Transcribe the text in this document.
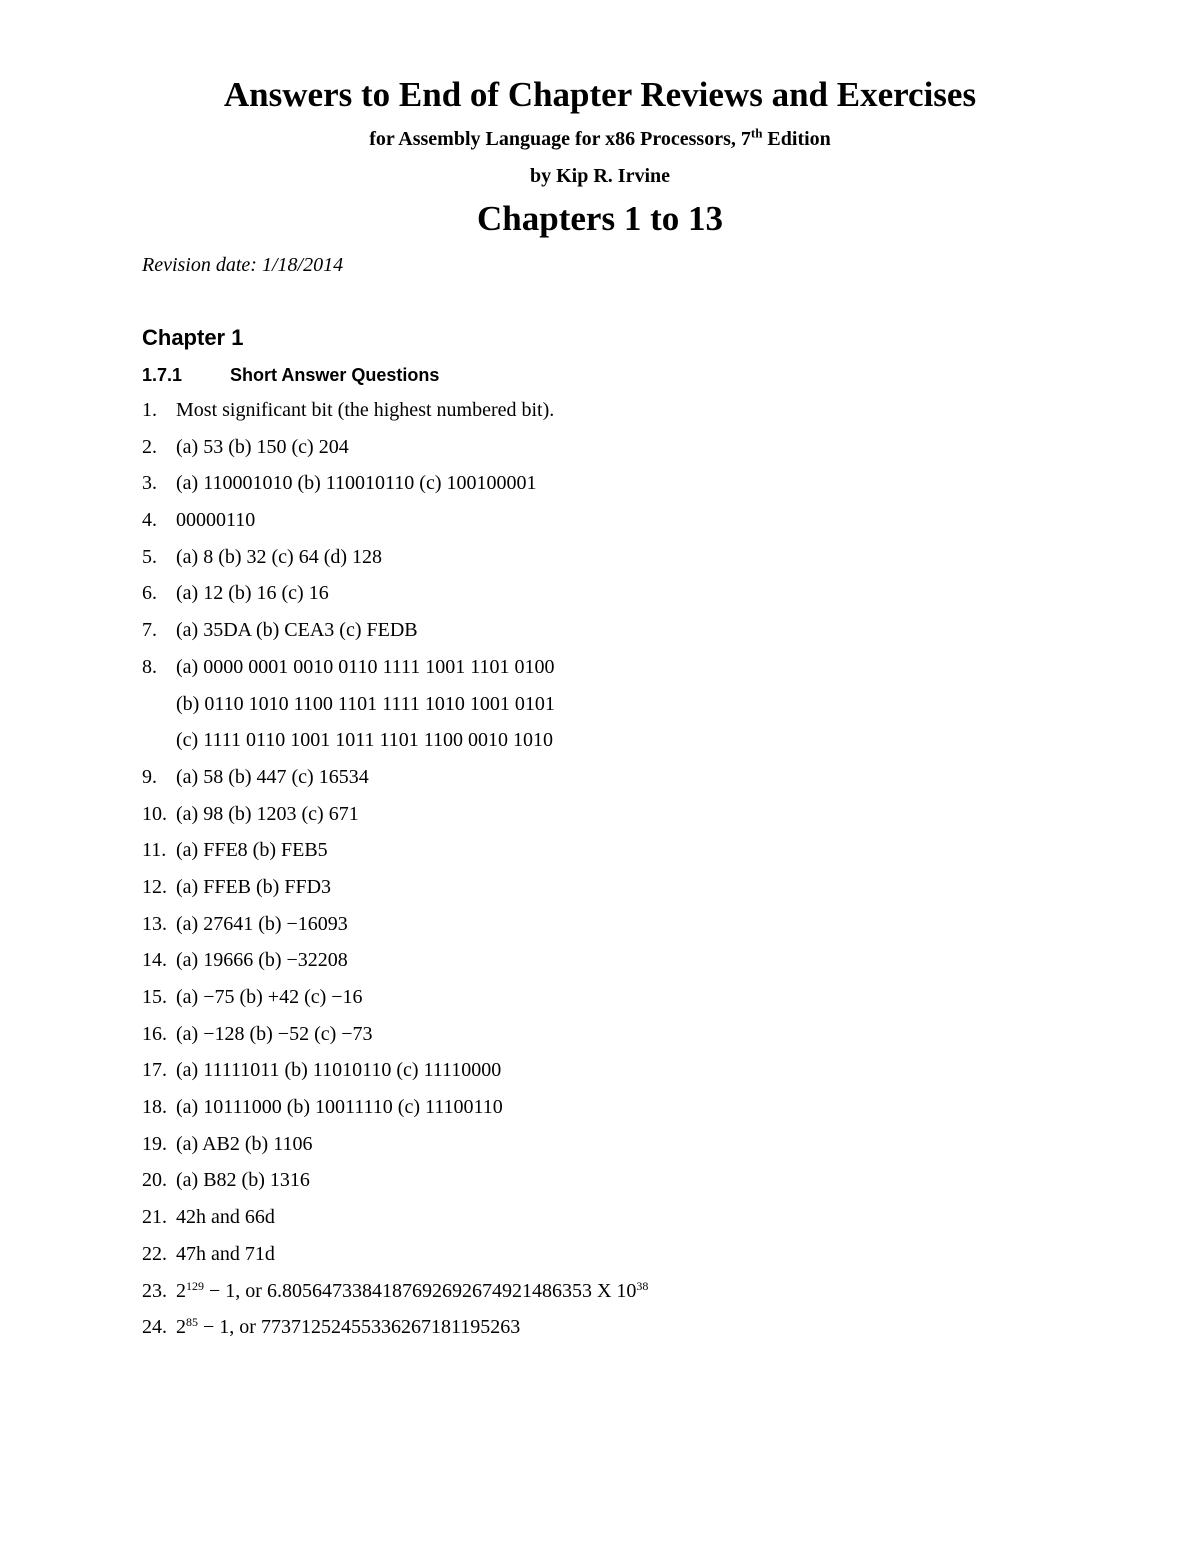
Answers to End of Chapter Reviews and Exercises
for Assembly Language for x86 Processors, 7th Edition
by Kip R. Irvine
Chapters 1 to 13
Revision date: 1/18/2014
Chapter 1
1.7.1	Short Answer Questions
1. Most significant bit (the highest numbered bit).
2. (a) 53 (b) 150 (c) 204
3. (a) 110001010 (b) 110010110 (c) 100100001
4. 00000110
5. (a) 8 (b) 32 (c) 64 (d) 128
6. (a) 12 (b) 16 (c) 16
7. (a) 35DA (b) CEA3 (c) FEDB
8. (a) 0000 0001 0010 0110 1111 1001 1101 0100
(b) 0110 1010 1100 1101 1111 1010 1001 0101
(c) 1111 0110 1001 1011 1101 1100 0010 1010
9. (a) 58 (b) 447 (c) 16534
10. (a) 98 (b) 1203 (c) 671
11. (a) FFE8 (b) FEB5
12. (a) FFEB (b) FFD3
13. (a) 27641 (b) −16093
14. (a) 19666 (b) −32208
15. (a) −75 (b) +42 (c) −16
16. (a) −128 (b) −52 (c) −73
17. (a) 11111011 (b) 11010110 (c) 11110000
18. (a) 10111000 (b) 10011110 (c) 11100110
19. (a) AB2 (b) 1106
20. (a) B82 (b) 1316
21. 42h and 66d
22. 47h and 71d
23. $2^{129} - 1$, or 6.8056473384187692692674921486353 X $10^{38}$
24. $2^{85} - 1$, or 77371252455336267181195263
